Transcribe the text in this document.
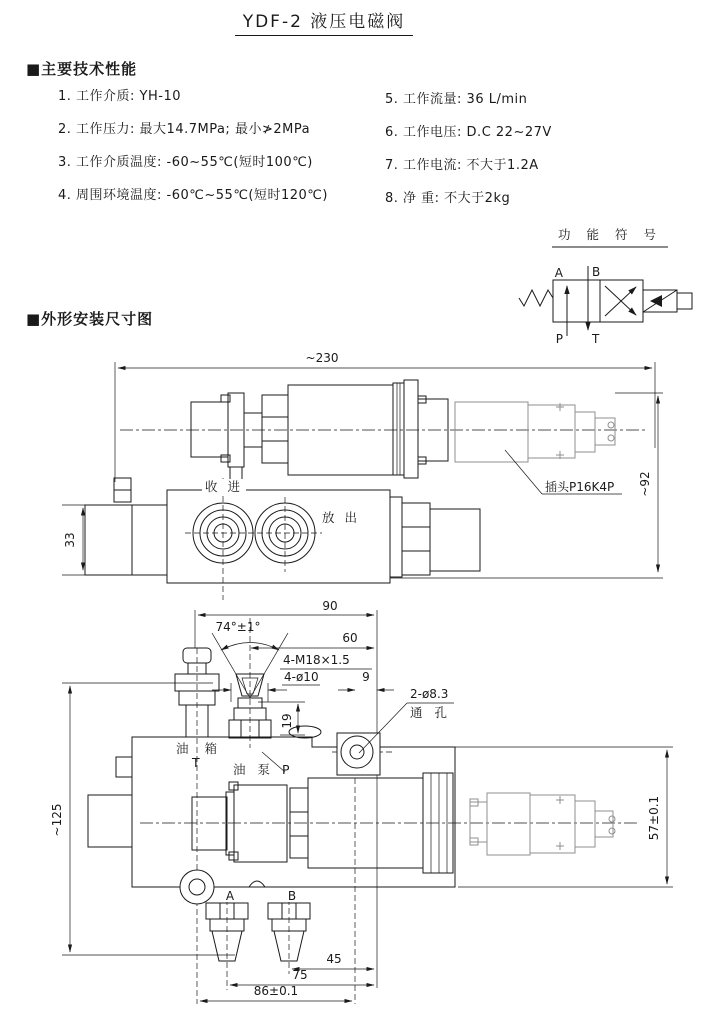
YDF-2 液压电磁阀
■主要技术性能
1. 工作介质: YH-10
2. 工作压力: 最大14.7MPa; 最小≯2MPa
3. 工作介质温度: -60~55℃(短时100℃)
4. 周围环境温度: -60℃~55℃(短时120℃)
5. 工作流量: 36 L/min
6. 工作电压: D.C 22~27V
7. 工作电流: 不大于1.2A
8. 净 重: 不大于2kg
■外形安装尺寸图
功 能 符 号
A B
P T
收 进
放 出
插头P16K4P
~230
~92
33
A	B
油 箱
T	油 泵 P
90
74°±1°
60
4-M18×1.5
4-ø10	9
2-ø8.3
通 孔
19
~125	57±0.1
45
75
86±0.1
